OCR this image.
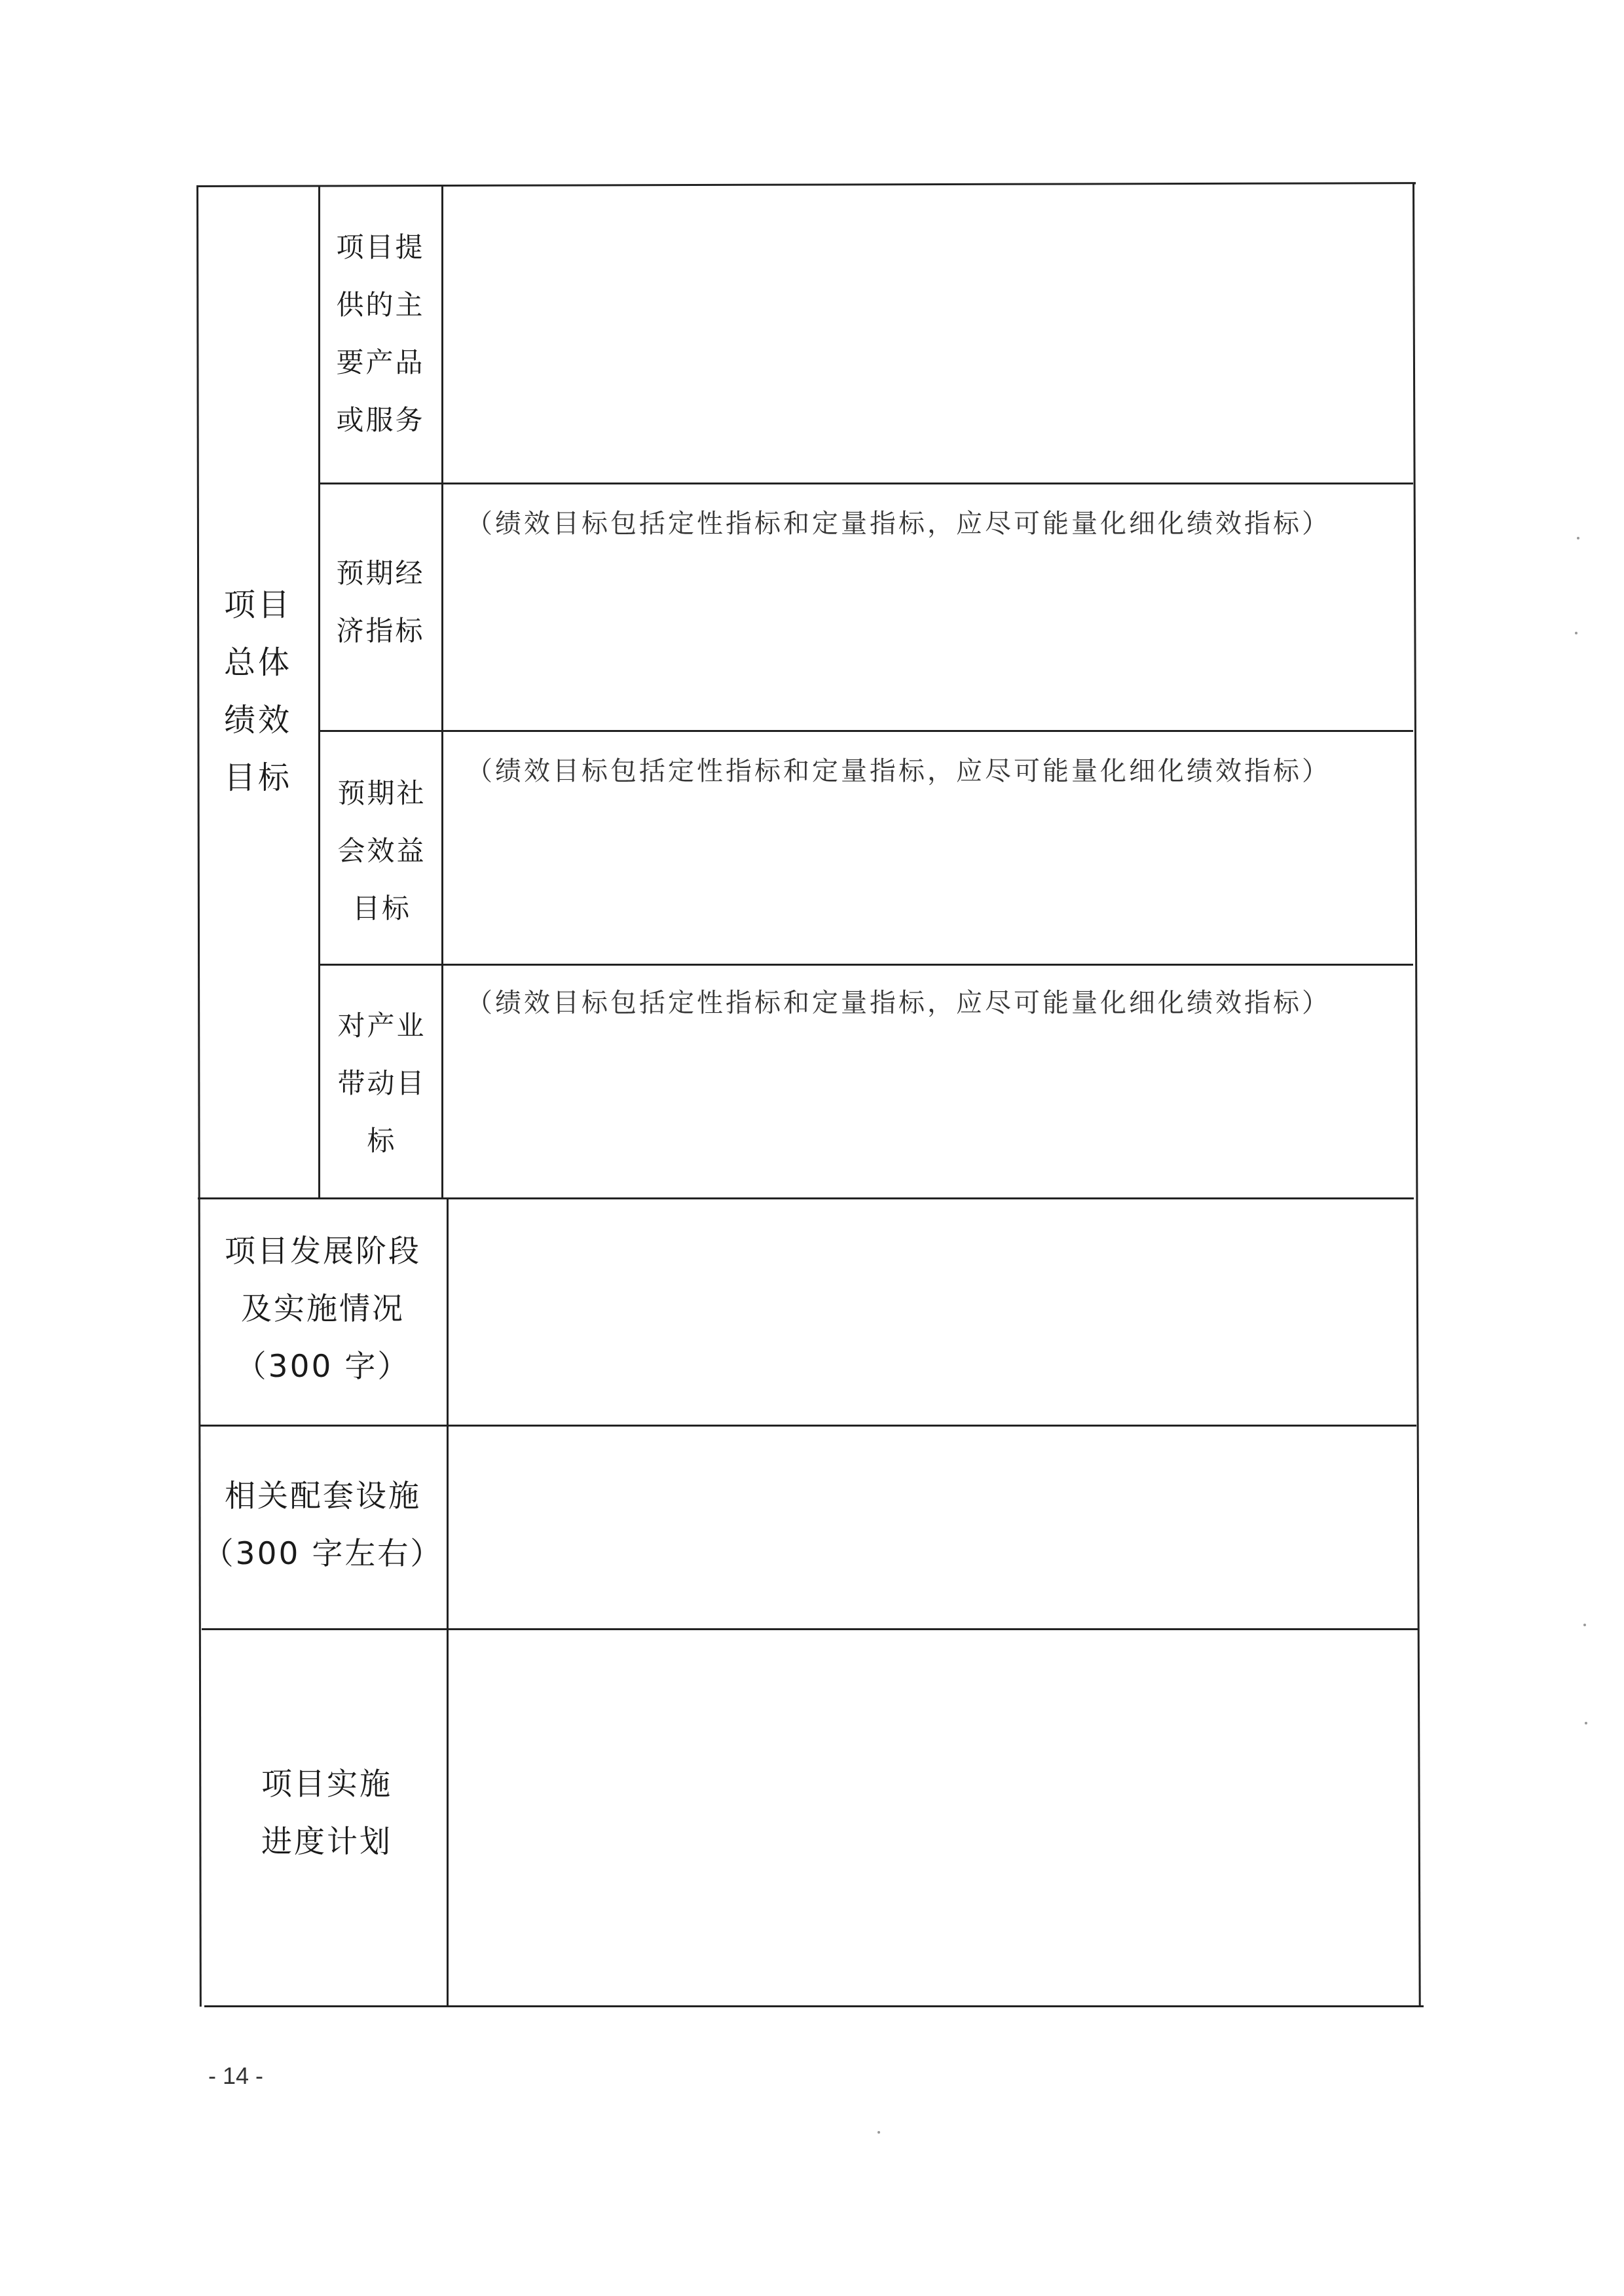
项目
总体
绩效
目标
项目提
供的主
要产品
或服务
预期经
济指标
（绩效目标包括定性指标和定量指标，应尽可能量化细化绩效指标）
预期社
会效益
目标
（绩效目标包括定性指标和定量指标，应尽可能量化细化绩效指标）
对产业
带动目
标
（绩效目标包括定性指标和定量指标，应尽可能量化细化绩效指标）
项目发展阶段
及实施情况
（300 字）
相关配套设施
（300 字左右）
项目实施
进度计划
- 14 -
